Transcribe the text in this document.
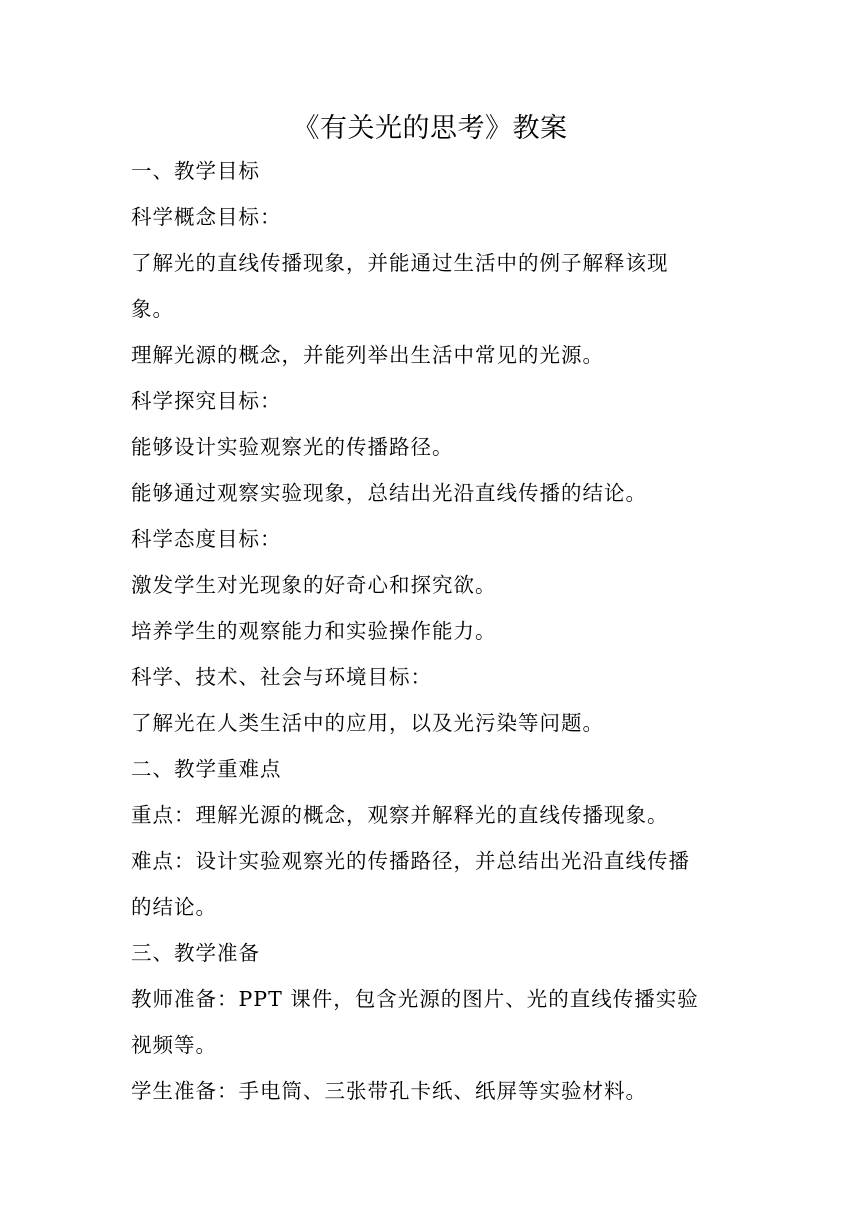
《有关光的思考》教案
一、教学目标
科学概念目标：
了解光的直线传播现象，并能通过生活中的例子解释该现
象。
理解光源的概念，并能列举出生活中常见的光源。
科学探究目标：
能够设计实验观察光的传播路径。
能够通过观察实验现象，总结出光沿直线传播的结论。
科学态度目标：
激发学生对光现象的好奇心和探究欲。
培养学生的观察能力和实验操作能力。
科学、技术、社会与环境目标：
了解光在人类生活中的应用，以及光污染等问题。
二、教学重难点
重点：理解光源的概念，观察并解释光的直线传播现象。
难点：设计实验观察光的传播路径，并总结出光沿直线传播
的结论。
三、教学准备
教师准备：PPT 课件，包含光源的图片、光的直线传播实验
视频等。
学生准备：手电筒、三张带孔卡纸、纸屏等实验材料。
